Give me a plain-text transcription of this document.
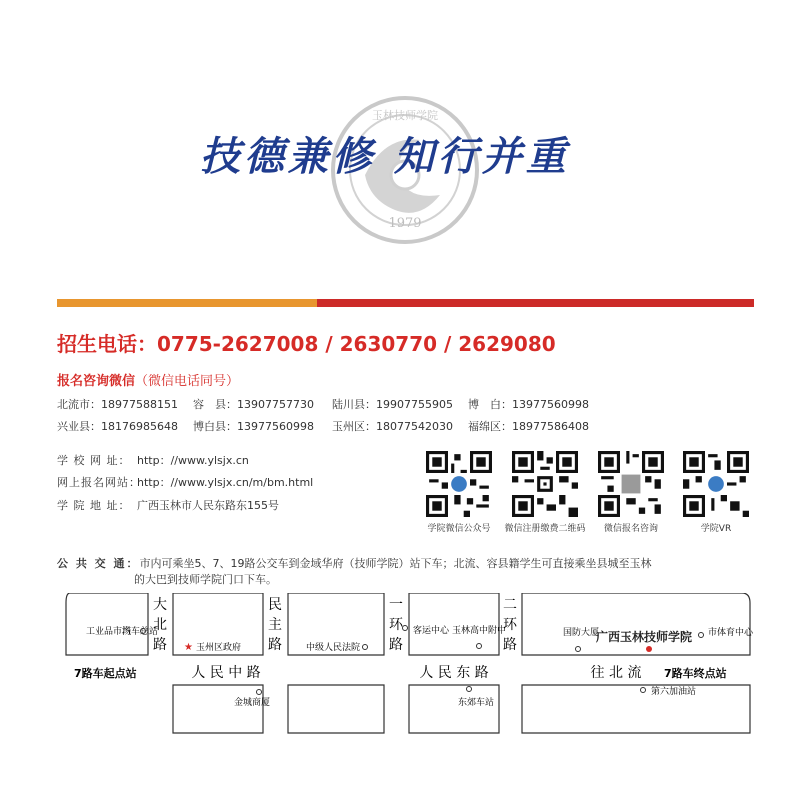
1979
玉林技师学院
技德兼修 知行并重
招生电话：0775-2627008 / 2630770 / 2629080
报名咨询微信（微信电话同号）
北流市：18977588151 容　县：13907757730 陆川县：19907755905 博　白：13977560998
兴业县：18176985648 博白县：13977560998 玉州区：18077542030 福绵区：18977586408
学 校 网 址： http：//www.ylsjx.cn
网上报名网站：http：//www.ylsjx.cn/m/bm.html
学 院 地 址： 广西玉林市人民东路东155号
学院微信公众号	微信注册缴费二维码	微信报名咨询	学院VR
公 共 交 通：市内可乘坐5、7、19路公交车到金域华府（技师学院）站下车；北流、容县籍学生可直接乘坐县城至玉林
的大巴到技师学院门口下车。
大北路
民主路
一环路
二环路
人 民 中 路	人 民 东 路	往 北 流
7路车起点站	7路车终点站
广西玉林技师学院
工业品市场
汽车总站
★ 玉州区政府	中级人民法院
客运中心 玉林高中附中	国防大厦	市体育中心
金城商厦	东郊车站
第六加油站
